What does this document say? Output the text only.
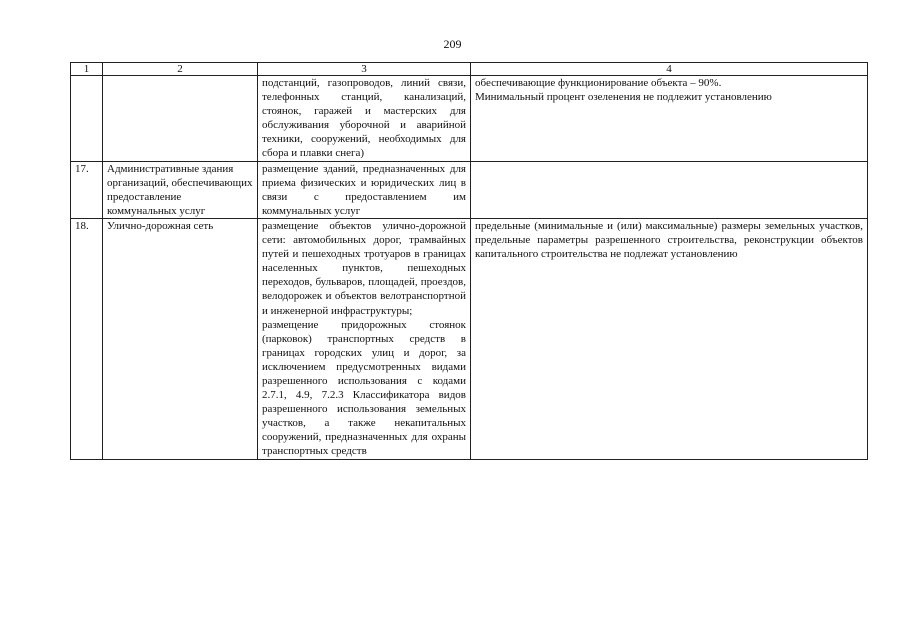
209
1	2	3	4

		подстанций, газопроводов, линий связи, телефонных станций, канализаций, стоянок, гаражей и мастерских для обслуживания уборочной и аварийной техники, сооружений, необходимых для сбора и плавки снега)	обеспечивающие функционирование объекта – 90%.
Минимальный процент озеленения не подлежит установлению

17.	Административные здания организаций, обеспечивающих предоставление коммунальных услуг	размещение зданий, предназначенных для приема физических и юридических лиц в связи с предоставлением им коммунальных услуг	

18.	Улично-дорожная сеть	размещение объектов улично-дорожной сети: автомобильных дорог, трамвайных путей и пешеходных тротуаров в границах населенных пунктов, пешеходных переходов, бульваров, площадей, проездов, велодорожек и объектов велотранспортной и инженерной инфраструктуры;
размещение придорожных стоянок (парковок) транспортных средств в границах городских улиц и дорог, за исключением предусмотренных видами разрешенного использования с кодами 2.7.1, 4.9, 7.2.3 Классификатора видов разрешенного использования земельных участков, а также некапитальных сооружений, предназначенных для охраны транспортных средств	предельные (минимальные и (или) максимальные) размеры земельных участков, предельные параметры разрешенного строительства, реконструкции объектов капитального строительства не подлежат установлению
